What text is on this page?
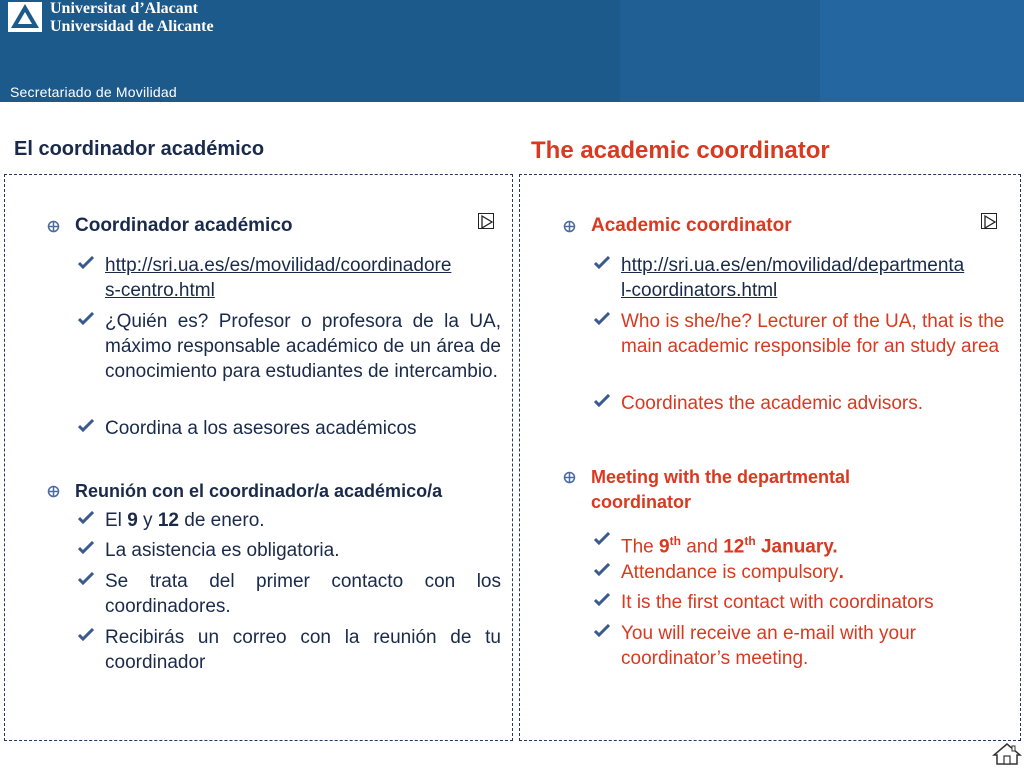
Universitat d’Alacant
Universidad de Alicante
Secretariado de Movilidad
El coordinador académico	The academic coordinator
Coordinador académico
http://sri.ua.es/es/movilidad/coordinadore
s-centro.html
¿Quién es? Profesor o profesora de la UA, máximo responsable académico de un área de conocimiento para estudiantes de intercambio.
Coordina a los asesores académicos
Reunión con el coordinador/a académico/a
El 9 y 12 de enero.
La asistencia es obligatoria.
Se trata del primer contacto con los coordinadores.
Recibirás un correo con la reunión de tu coordinador
Academic coordinator
http://sri.ua.es/en/movilidad/departmenta
l-coordinators.html
Who is she/he? Lecturer of the UA, that is the main academic responsible for an study area
Coordinates the academic advisors.
Meeting with the departmental
coordinator
The 9th and 12th January.
Attendance is compulsory.
It is the first contact with coordinators
You will receive an e-mail with your coordinator’s meeting.
